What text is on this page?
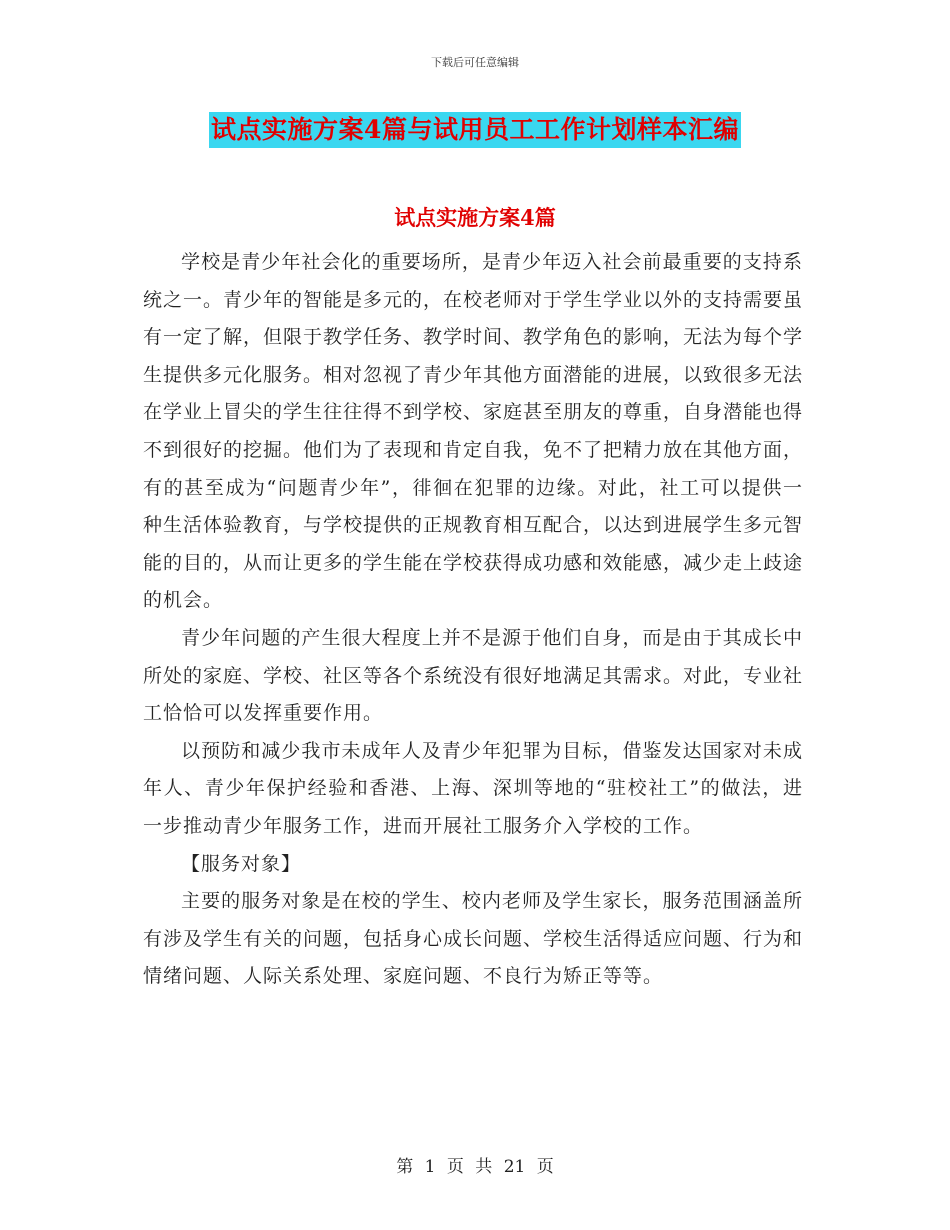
下载后可任意编辑
试点实施方案4篇与试用员工工作计划样本汇编
试点实施方案4篇

学校是青少年社会化的重要场所，是青少年迈入社会前最重要的支持系统之一。青少年的智能是多元的，在校老师对于学生学业以外的支持需要虽有一定了解，但限于教学任务、教学时间、教学角色的影响，无法为每个学生提供多元化服务。相对忽视了青少年其他方面潜能的进展，以致很多无法在学业上冒尖的学生往往得不到学校、家庭甚至朋友的尊重，自身潜能也得不到很好的挖掘。他们为了表现和肯定自我，免不了把精力放在其他方面，有的甚至成为“问题青少年”，徘徊在犯罪的边缘。对此，社工可以提供一种生活体验教育，与学校提供的正规教育相互配合，以达到进展学生多元智能的目的，从而让更多的学生能在学校获得成功感和效能感，减少走上歧途的机会。

青少年问题的产生很大程度上并不是源于他们自身，而是由于其成长中所处的家庭、学校、社区等各个系统没有很好地满足其需求。对此，专业社工恰恰可以发挥重要作用。

以预防和减少我市未成年人及青少年犯罪为目标，借鉴发达国家对未成年人、青少年保护经验和香港、上海、深圳等地的“驻校社工”的做法，进一步推动青少年服务工作，进而开展社工服务介入学校的工作。

【服务对象】

主要的服务对象是在校的学生、校内老师及学生家长，服务范围涵盖所有涉及学生有关的问题，包括身心成长问题、学校生活得适应问题、行为和情绪问题、人际关系处理、家庭问题、不良行为矫正等等。

第 1 页 共 21 页
